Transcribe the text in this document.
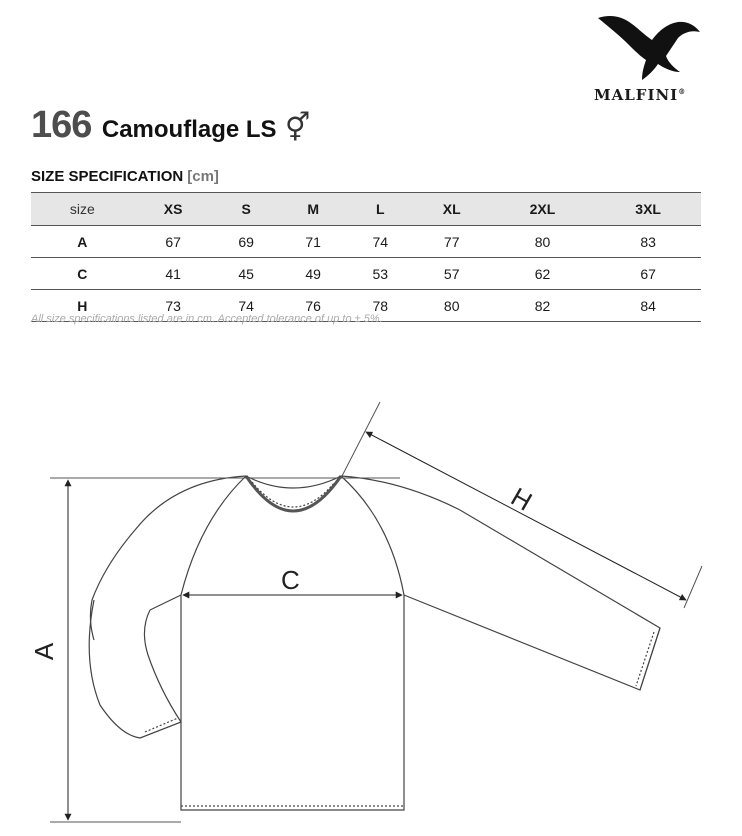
MALFINI®
166 Camouflage LS ⚥
SIZE SPECIFICATION [cm]
size	XS	S	M	L	XL	2XL	3XL
A	67	69	71	74	77	80	83
C	41	45	49	53	57	62	67
H	73	74	76	78	80	82	84
All size specifications listed are in cm. Accepted tolerance of up to ± 5%.
A
C
H
